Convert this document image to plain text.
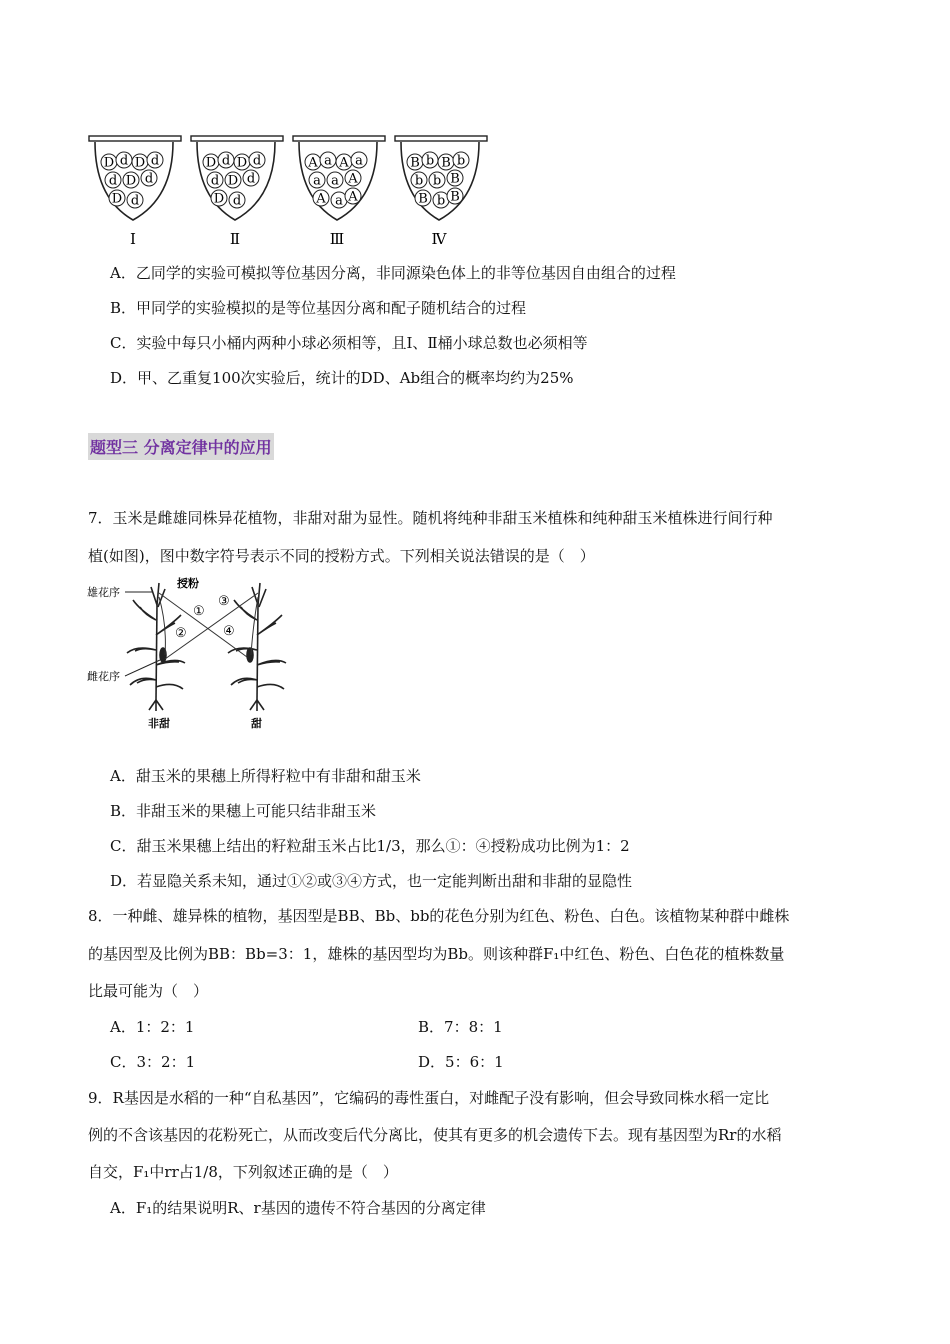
D d D d
d D d
D d
Ⅰ
D d D d
d D d
D d
Ⅱ
A a A a
a a A
A a A
Ⅲ
B b B b
b b B
B b B
Ⅳ
A．乙同学的实验可模拟等位基因分离，非同源染色体上的非等位基因自由组合的过程
B．甲同学的实验模拟的是等位基因分离和配子随机结合的过程
C．实验中每只小桶内两种小球必须相等，且Ⅰ、Ⅱ桶小球总数也必须相等
D．甲、乙重复100次实验后，统计的DD、Ab组合的概率均约为25%
题型三 分离定律中的应用
7．玉米是雌雄同株异花植物，非甜对甜为显性。随机将纯种非甜玉米植株和纯种甜玉米植株进行间行种
植(如图)，图中数字符号表示不同的授粉方式。下列相关说法错误的是（　）
雄花序
雌花序
授粉
①
②
③
④
非甜	甜
A．甜玉米的果穗上所得籽粒中有非甜和甜玉米
B．非甜玉米的果穗上可能只结非甜玉米
C．甜玉米果穗上结出的籽粒甜玉米占比1/3，那么①：④授粉成功比例为1：2
D．若显隐关系未知，通过①②或③④方式，也一定能判断出甜和非甜的显隐性
8．一种雌、雄异株的植物，基因型是BB、Bb、bb的花色分别为红色、粉色、白色。该植物某种群中雌株
的基因型及比例为BB：Bb=3：1，雄株的基因型均为Bb。则该种群F₁中红色、粉色、白色花的植株数量
比最可能为（　）
A．1：2：1	B．7：8：1
C．3：2：1	D．5：6：1
9．R基因是水稻的一种“自私基因”，它编码的毒性蛋白，对雌配子没有影响，但会导致同株水稻一定比
例的不含该基因的花粉死亡，从而改变后代分离比，使其有更多的机会遗传下去。现有基因型为Rr的水稻
自交，F₁中rr占1/8，下列叙述正确的是（　）
A．F₁的结果说明R、r基因的遗传不符合基因的分离定律
